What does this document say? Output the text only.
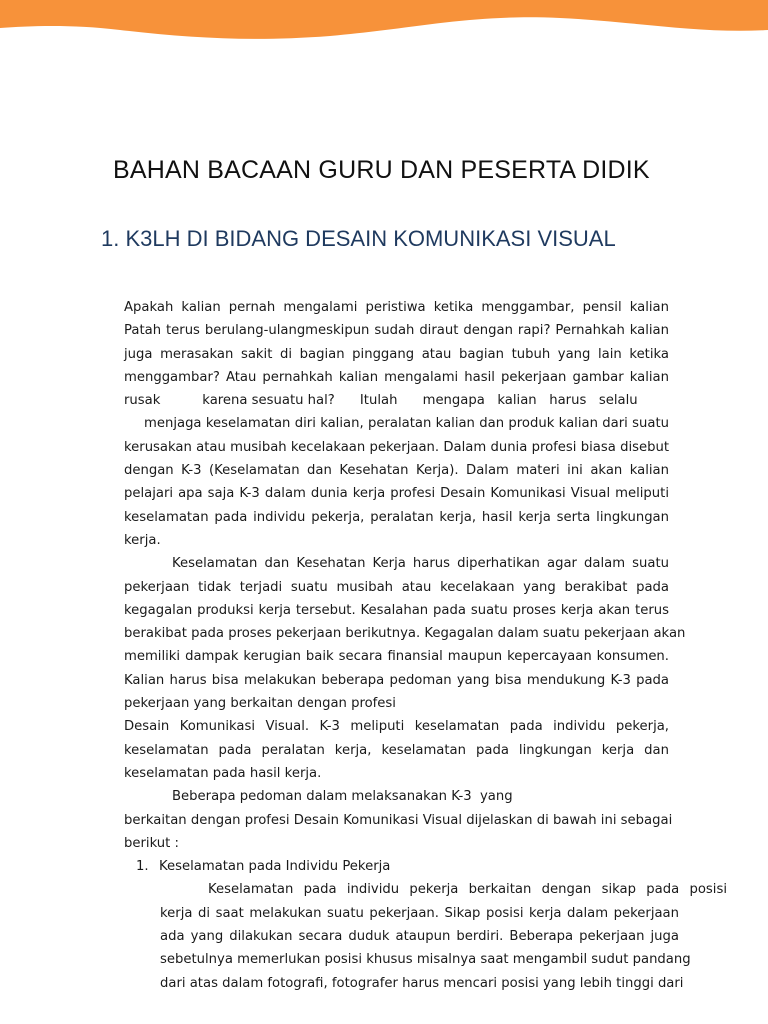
BAHAN BACAAN GURU DAN PESERTA DIDIK
1. K3LH DI BIDANG DESAIN KOMUNIKASI VISUAL
Apakah kalian pernah mengalami peristiwa ketika menggambar, pensil kalian
Patah terus berulang-ulangmeskipun sudah diraut dengan rapi? Pernahkah kalian
juga merasakan sakit di bagian pinggang atau bagian tubuh yang lain ketika
menggambar? Atau pernahkah kalian mengalami hasil pekerjaan gambar kalian
rusak          karena sesuatu hal?      Itulah      mengapa   kalian   harus   selalu
menjaga keselamatan diri kalian, peralatan kalian dan produk kalian dari suatu
kerusakan atau musibah kecelakaan pekerjaan. Dalam dunia profesi biasa disebut
dengan K-3 (Keselamatan dan Kesehatan Kerja). Dalam materi ini akan kalian
pelajari apa saja K-3 dalam dunia kerja profesi Desain Komunikasi Visual meliputi
keselamatan pada individu pekerja, peralatan kerja, hasil kerja serta lingkungan
kerja.
Keselamatan dan Kesehatan Kerja harus diperhatikan agar dalam suatu
pekerjaan tidak terjadi suatu musibah atau kecelakaan yang berakibat pada
kegagalan produksi kerja tersebut. Kesalahan pada suatu proses kerja akan terus
berakibat pada proses pekerjaan berikutnya. Kegagalan dalam suatu pekerjaan akan
memiliki dampak kerugian baik secara finansial maupun kepercayaan konsumen.
Kalian harus bisa melakukan beberapa pedoman yang bisa mendukung K-3 pada
pekerjaan yang berkaitan dengan profesi
Desain Komunikasi Visual. K-3 meliputi keselamatan pada individu pekerja,
keselamatan pada peralatan kerja, keselamatan pada lingkungan kerja dan
keselamatan pada hasil kerja.
Beberapa pedoman dalam melaksanakan K-3  yang
berkaitan dengan profesi Desain Komunikasi Visual dijelaskan di bawah ini sebagai
berikut :
1. Keselamatan pada Individu Pekerja
Keselamatan pada individu pekerja berkaitan dengan sikap pada posisi
kerja di saat melakukan suatu pekerjaan. Sikap posisi kerja dalam pekerjaan
ada yang dilakukan secara duduk ataupun berdiri. Beberapa pekerjaan juga
sebetulnya memerlukan posisi khusus misalnya saat mengambil sudut pandang
dari atas dalam fotografi, fotografer harus mencari posisi yang lebih tinggi dari
